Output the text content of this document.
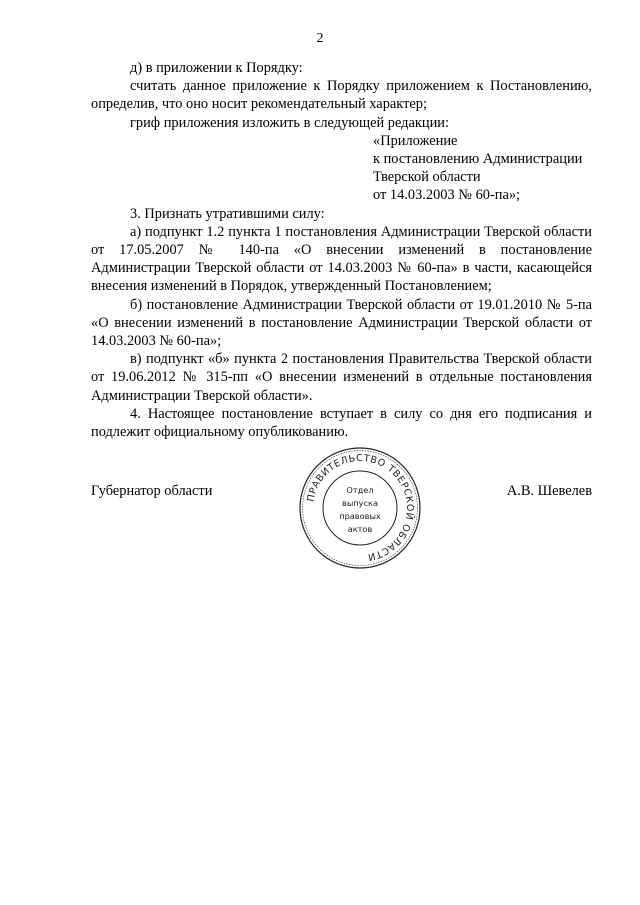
2

д) в приложении к Порядку:

считать данное приложение к Порядку приложением к Постановлению, определив, что оно носит рекомендательный характер;

гриф приложения изложить в следующей редакции:

«Приложение

к постановлению Администрации

Тверской области

от 14.03.2003 № 60-па»;

3. Признать утратившими силу:

а) подпункт 1.2 пункта 1 постановления Администрации Тверской области от 17.05.2007 № 140-па «О внесении изменений в постановление Администрации Тверской области от 14.03.2003 № 60-па» в части, касающейся внесения изменений в Порядок, утвержденный Постановлением;

б) постановление Администрации Тверской области от 19.01.2010 № 5-па «О внесении изменений в постановление Администрации Тверской области от 14.03.2003 № 60-па»;

в) подпункт «б» пункта 2 постановления Правительства Тверской области от 19.06.2012 № 315-пп «О внесении изменений в отдельные постановления Администрации Тверской области».

4. Настоящее постановление вступает в силу со дня его подписания и подлежит официальному опубликованию.

Губернатор области	А.В. Шевелев
ПРАВИТЕЛЬСТВО ТВЕРСКОЙ ОБЛАСТИ
Отдел
выпуска
правовых
актов
